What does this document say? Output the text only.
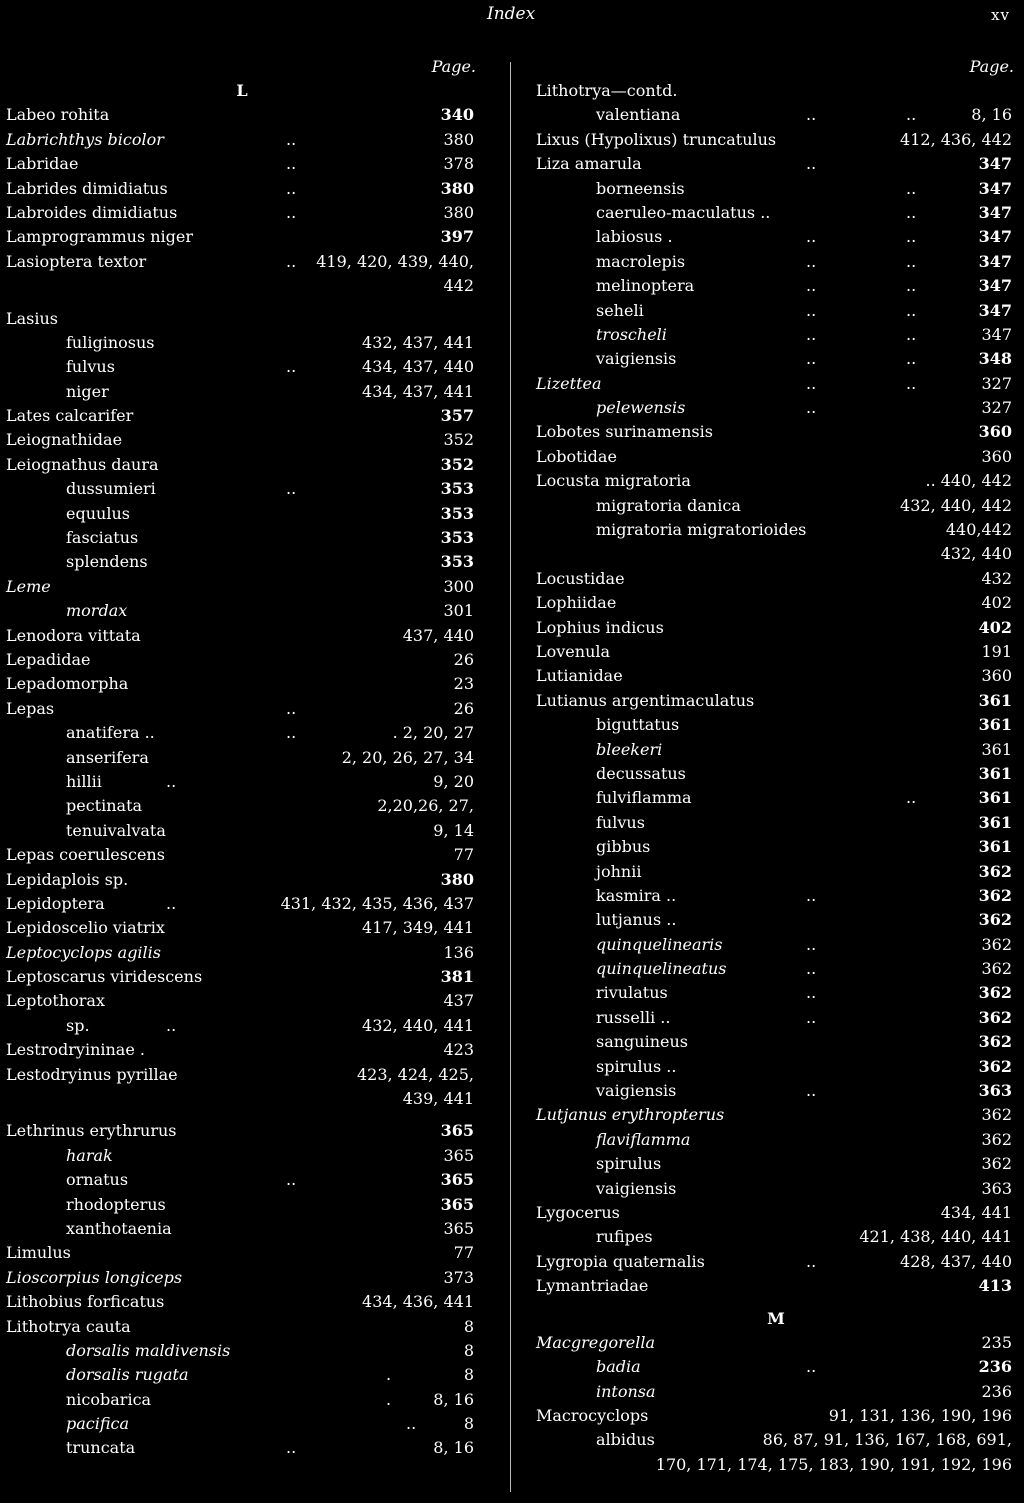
Index	xv
Page.
L
Labeo rohita	340
Labrichthys bicolor	..	380
Labridae	..	378
Labrides dimidiatus	..	380
Labroides dimidiatus	..	380
Lamprogrammus niger	397
Lasioptera textor	.. 419, 420, 439, 440,
442
Lasius
fuliginosus	432, 437, 441
fulvus	..	434, 437, 440
niger	434, 437, 441
Lates calcarifer	357
Leiognathidae	352
Leiognathus daura	352
dussumieri	..	353
equulus	353
fasciatus	353
splendens	353
Leme	300
mordax	301
Lenodora vittata	437, 440
Lepadidae	26
Lepadomorpha	23
Lepas	..	26
anatifera ..	..	. 2, 20, 27
anserifera	2, 20, 26, 27, 34
hillii	..	9, 20
pectinata	2,20,26, 27,
tenuivalvata	9, 14
Lepas coerulescens	77
Lepidaplois sp.	380
Lepidoptera	..	431, 432, 435, 436, 437
Lepidoscelio viatrix	417, 349, 441
Leptocyclops agilis	136
Leptoscarus viridescens	381
Leptothorax	437
sp.	..	432, 440, 441
Lestrodryininae .	423
Lestodryinus pyrillae	423, 424, 425,
439, 441
Lethrinus erythrurus	365
harak	365
ornatus	..	365
rhodopterus	365
xanthotaenia	365
Limulus	77
Lioscorpius longiceps	373
Lithobius forficatus	434, 436, 441
Lithotrya cauta	8
dorsalis maldivensis	8
dorsalis rugata	.	8
nicobarica	.	8, 16
pacifica	..	8
truncata	..	8, 16
Page.
Lithotrya—contd.
valentiana	..	..	8, 16
Lixus (Hypolixus) truncatulus	412, 436, 442
Liza amarula	..	347
borneensis	..	347
caeruleo-maculatus ..	..	347
labiosus .	..	..	347
macrolepis	..	..	347
melinoptera	..	..	347
seheli	..	..	347
troscheli	..	..	347
vaigiensis	..	..	348
Lizettea	..	..	327
pelewensis	..	327
Lobotes surinamensis	360
Lobotidae	360
Locusta migratoria	.. 440, 442
migratoria danica	432, 440, 442
migratoria migratorioides	440,442
432, 440
Locustidae	432
Lophiidae	402
Lophius indicus	402
Lovenula	191
Lutianidae	360
Lutianus argentimaculatus	361
biguttatus	361
bleekeri	361
decussatus	361
fulviflamma	..	361
fulvus	361
gibbus	361
johnii	362
kasmira ..	..	362
lutjanus ..	362
quinquelinearis	..	362
quinquelineatus	..	362
rivulatus	..	362
russelli ..	..	362
sanguineus	362
spirulus ..	362
vaigiensis	..	363
Lutjanus erythropterus	362
flaviflamma	362
spirulus	362
vaigiensis	363
Lygocerus	434, 441
rufipes	421, 438, 440, 441
Lygropia quaternalis	..	428, 437, 440
Lymantriadae	413
M
Macgregorella	235
badia	..	236
intonsa	236
Macrocyclops	91, 131, 136, 190, 196
albidus	86, 87, 91, 136, 167, 168, 691,
170, 171, 174, 175, 183, 190, 191, 192, 196
